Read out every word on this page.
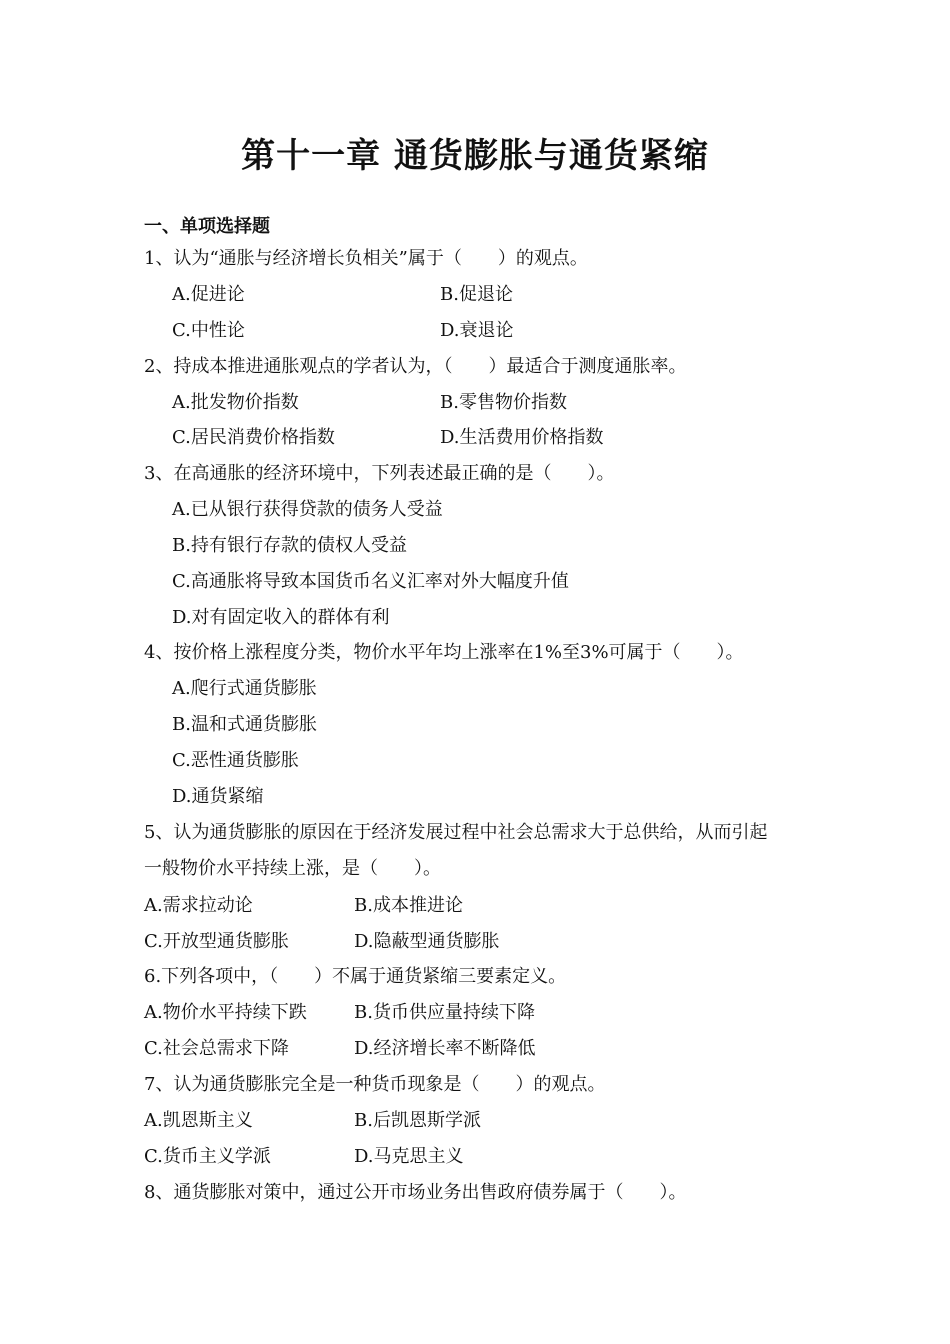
第十一章 通货膨胀与通货紧缩
一、单项选择题
1、认为“通胀与经济增长负相关”属于（　　）的观点。
A.促进论	B.促退论
C.中性论	D.衰退论
2、持成本推进通胀观点的学者认为，（　　）最适合于测度通胀率。
A.批发物价指数	B.零售物价指数
C.居民消费价格指数	D.生活费用价格指数
3、在高通胀的经济环境中，下列表述最正确的是（　　）。
A.已从银行获得贷款的债务人受益
B.持有银行存款的债权人受益
C.高通胀将导致本国货币名义汇率对外大幅度升值
D.对有固定收入的群体有利
4、按价格上涨程度分类，物价水平年均上涨率在1%至3%可属于（　　）。
A.爬行式通货膨胀
B.温和式通货膨胀
C.恶性通货膨胀
D.通货紧缩
5、认为通货膨胀的原因在于经济发展过程中社会总需求大于总供给，从而引起
一般物价水平持续上涨，是（　　）。
A.需求拉动论	B.成本推进论
C.开放型通货膨胀	D.隐蔽型通货膨胀
6.下列各项中，（　　）不属于通货紧缩三要素定义。
A.物价水平持续下跌	B.货币供应量持续下降
C.社会总需求下降	D.经济增长率不断降低
7、认为通货膨胀完全是一种货币现象是（　　）的观点。
A.凯恩斯主义	B.后凯恩斯学派
C.货币主义学派	D.马克思主义
8、通货膨胀对策中，通过公开市场业务出售政府债券属于（　　）。
